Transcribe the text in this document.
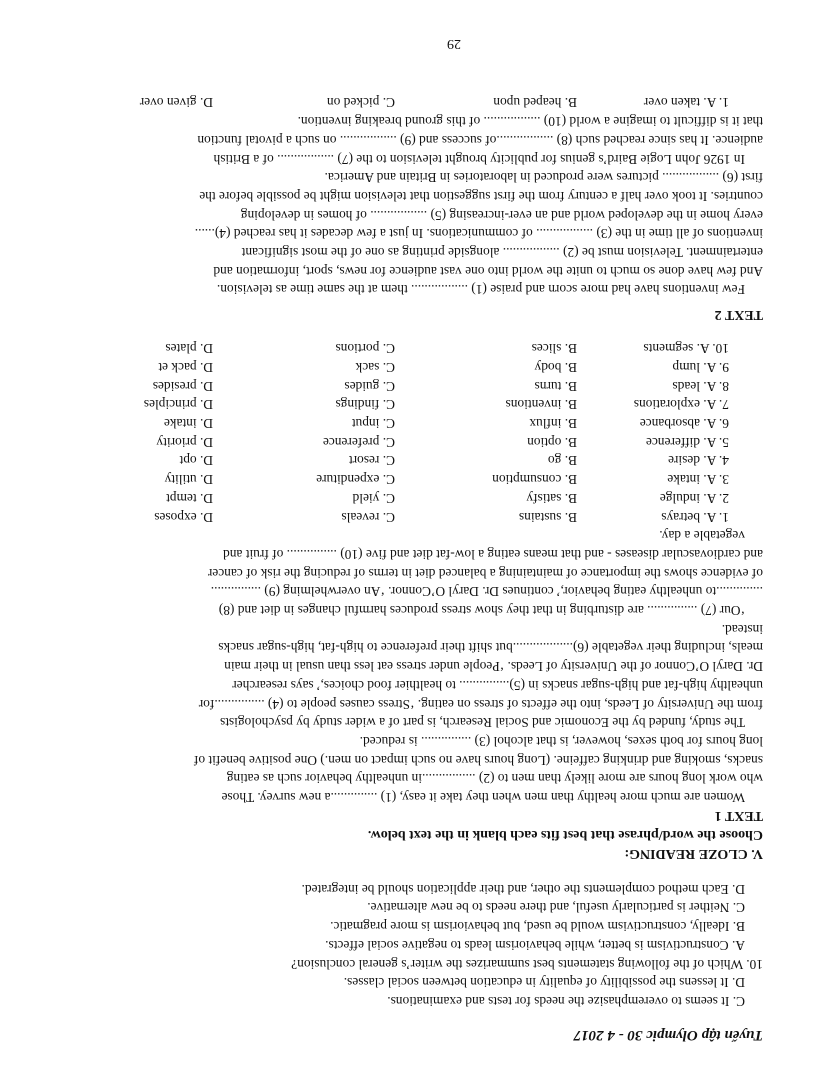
Tuyển tập Olympic 30 - 4 2017
C. It seems to overemphasize the needs for tests and examinations.
D. It lessens the possibility of equality in education between social classes.
10. Which of the following statements best summarizes the writer’s general conclusion?
A. Constructivism is better, while behaviorism leads to negative social effects.
B. Ideally, constructivism would be used, but behaviorism is more pragmatic.
C. Neither is particularly useful, and there needs to be new alternative.
D. Each method complements the other, and their application should be integrated.
V. CLOZE READING:
Choose the word/phrase that best fits each blank in the text below.
TEXT 1
Women are much more healthy than men when they take it easy, (1) ..............a new survey. Those
who work long hours are more likely than men to (2) ................in unhealthy behavior such as eating
snacks, smoking and drinking caffeine. (Long hours have no such impact on men.) One positive benefit of
long hours for both sexes, however, is that alcohol (3) ............... is reduced.
The study, funded by the Economic and Social Research, is part of a wider study by psychologists
from the University of Leeds, into the effects of stress on eating. ‘Stress causes people to (4) ...............for
unhealthy high-fat and high-sugar snacks in (5)............... to healthier food choices,’ says researcher
Dr. Daryl O’Connor of the University of Leeds. ‘People under stress eat less than usual in their main
meals, including their vegetable (6)..................but shift their preference to high-fat, high-sugar snacks
instead.
‘Our (7) ............... are disturbing in that they show stress produces harmful changes in diet and (8)
..............to unhealthy eating behavior,’ continues Dr. Daryl O’Connor. ‘An overwhelming (9) ...............
of evidence shows the importance of maintaining a balanced diet in terms of reducing the risk of cancer
and cardiovascular diseases - and that means eating a low-fat diet and five (10) ............... of fruit and
vegetable a day.
1. A. betrays
B. sustains
C. reveals
D. exposes
2. A. indulge
B. satisfy
C. yield
D. tempt
3. A. intake
B. consumption
C. expenditure
D. utility
4. A. desire
B. go
C. resort
D. opt
5. A. difference
B. option
C. preference
D. priority
6. A. absorbance
B. influx
C. input
D. intake
7. A. explorations
B. inventions
C. findings
D. principles
8. A. leads
B. turns
C. guides
D. presides
9. A. lump
B. body
C. sack
D. pack et
10. A. segments
B. slices
C. portions
D. plates
TEXT 2
Few inventions have had more scorn and praise (1) ................. them at the same time as television.
And few have done so much to unite the world into one vast audience for news, sport, information and
entertainment. Television must be (2) ................. alongside printing as one of the most significant
inventions of all time in the (3) ................. of communications. In just a few decades it has reached (4)......
every home in the developed world and an ever-increasing (5) ................. of homes in developing
countries. It took over half a century from the first suggestion that television might be possible before the
first (6) ................. pictures were produced in laboratories in Britain and America.
In 1926 John Logie Baird’s genius for publicity brought television to the (7) ................. of a British
audience. It has since reached such (8) .................of success and (9) ................. on such a pivotal function
that it is difficult to imagine a world (10) ................. of this ground breaking invention.
1. A. taken over
B. heaped upon
C. picked on
D. given over
29
